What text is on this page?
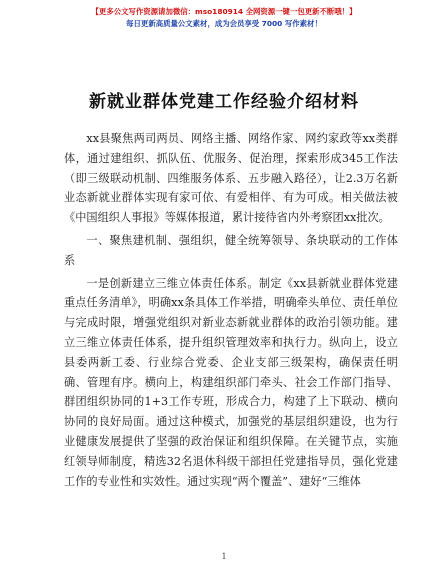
【更多公文写作资源请加微信：mso180914 全网资源一键一包更新不断哦！】
每日更新高质量公文素材，成为会员享受 7000 写作素材！
新就业群体党建工作经验介绍材料

xx县聚焦两司两员、网络主播、网络作家、网约家政等xx类群体，通过建组织、抓队伍、优服务、促治理，探索形成345工作法（即三级联动机制、四维服务体系、五步融入路径），让2.3万名新业态新就业群体实现有家可依、有爱相伴、有为可成。相关做法被《中国组织人事报》等媒体报道，累计接待省内外考察团xx批次。

一、聚焦建机制、强组织，健全统筹领导、条块联动的工作体系

一是创新建立三维立体责任体系。制定《xx县新就业群体党建重点任务清单》，明确xx条具体工作举措，明确牵头单位、责任单位与完成时限，增强党组织对新业态新就业群体的政治引领功能。建立三维立体责任体系，提升组织管理效率和执行力。纵向上，设立县委两新工委、行业综合党委、企业支部三级架构，确保责任明确、管理有序。横向上，构建组织部门牵头、社会工作部门指导、群团组织协同的1+3工作专班，形成合力，构建了上下联动、横向协同的良好局面。通过这种模式，加强党的基层组织建设，也为行业健康发展提供了坚强的政治保证和组织保障。在关键节点，实施红领导师制度，精选32名退休科级干部担任党建指导员，强化党建工作的专业性和实效性。通过实现“两个覆盖”、建好“三维体

1
